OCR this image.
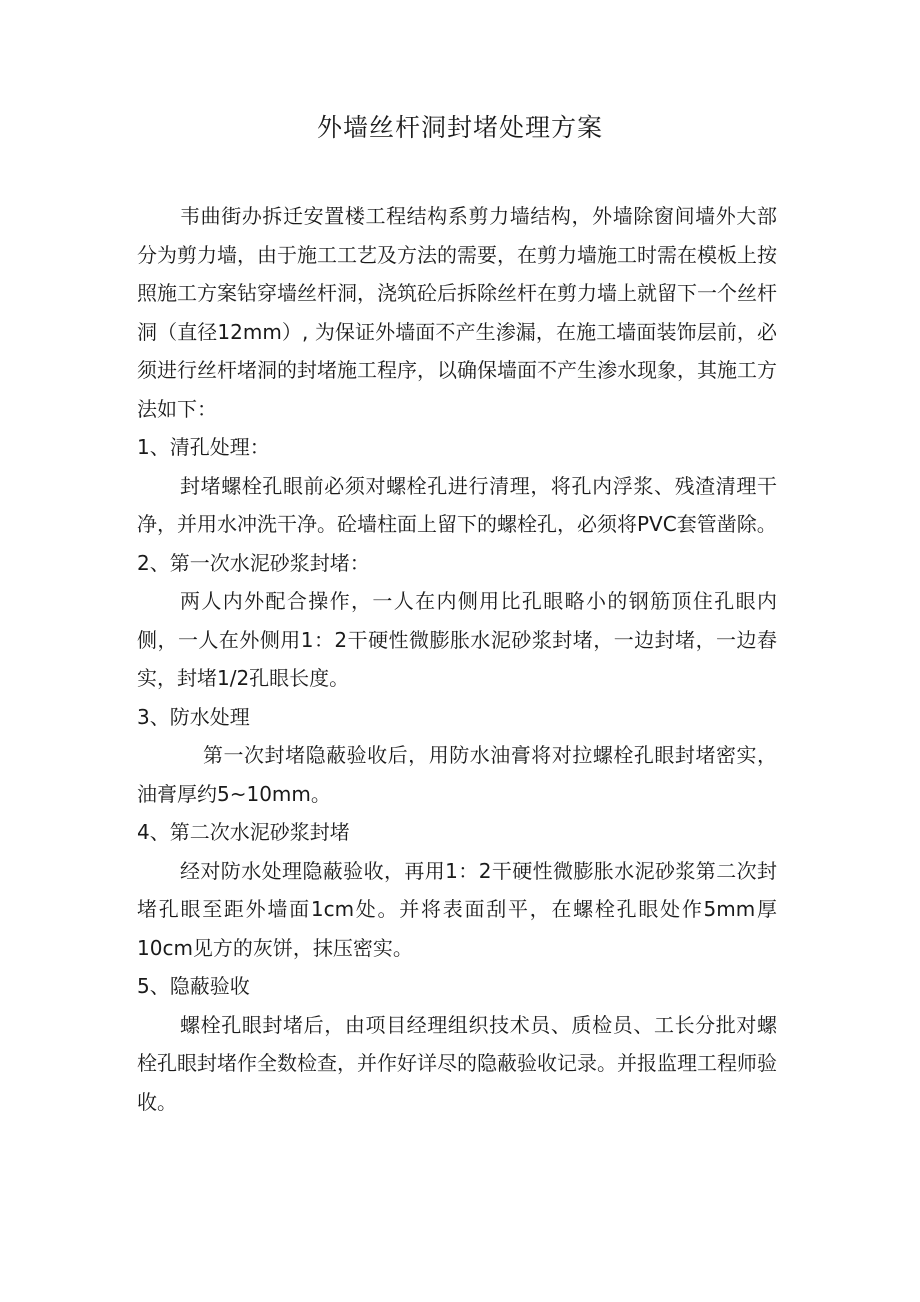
外墙丝杆洞封堵处理方案

韦曲街办拆迁安置楼工程结构系剪力墙结构，外墙除窗间墙外大部分为剪力墙，由于施工工艺及方法的需要，在剪力墙施工时需在模板上按照施工方案钻穿墙丝杆洞，浇筑砼后拆除丝杆在剪力墙上就留下一个丝杆洞（直径12mm）, 为保证外墙面不产生渗漏，在施工墙面装饰层前，必须进行丝杆堵洞的封堵施工程序，以确保墙面不产生渗水现象，其施工方法如下：

1、清孔处理：

封堵螺栓孔眼前必须对螺栓孔进行清理，将孔内浮浆、残渣清理干净，并用水冲洗干净。砼墙柱面上留下的螺栓孔，必须将PVC套管凿除。

2、第一次水泥砂浆封堵：

两人内外配合操作，一人在内侧用比孔眼略小的钢筋顶住孔眼内侧，一人在外侧用1：2干硬性微膨胀水泥砂浆封堵，一边封堵，一边舂实，封堵1/2孔眼长度。

3、防水处理

第一次封堵隐蔽验收后，用防水油膏将对拉螺栓孔眼封堵密实，油膏厚约5~10mm。

4、第二次水泥砂浆封堵

经对防水处理隐蔽验收，再用1：2干硬性微膨胀水泥砂浆第二次封堵孔眼至距外墙面1cm处。并将表面刮平，在螺栓孔眼处作5mm厚10cm见方的灰饼，抹压密实。

5、隐蔽验收

螺栓孔眼封堵后，由项目经理组织技术员、质检员、工长分批对螺栓孔眼封堵作全数检查，并作好详尽的隐蔽验收记录。并报监理工程师验收。
